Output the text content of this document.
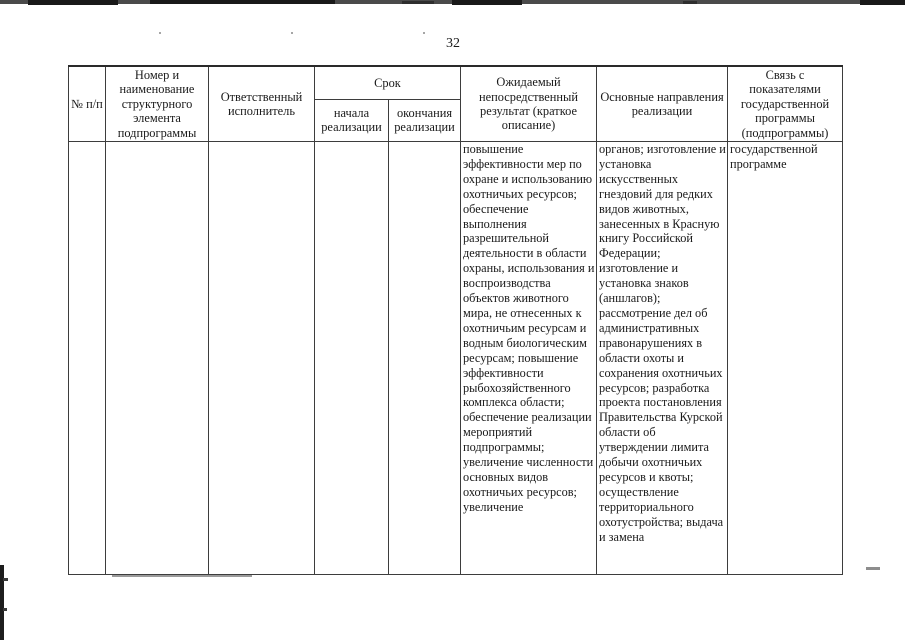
32
№ п/п	Номер и наименование структурного элемента подпрограммы	Ответственный исполнитель	Срок		Ожидаемый непосредственный результат (краткое описание)	Основные направления реализации	Связь с показателями государственной программы (подпрограммы)
			начала реализации	окончания реализации			
					повышение эффективности мер по охране и использованию охотничьих ресурсов; обеспечение выполнения разрешительной деятельности в области охраны, использования и воспроизводства объектов животного мира, не отнесенных к охотничьим ресурсам и водным биологическим ресурсам; повышение эффективности рыбохозяйственного комплекса области; обеспечение реализации мероприятий подпрограммы; увеличение численности основных видов охотничьих ресурсов; увеличение	органов; изготовление и установка искусственных гнездовий для редких видов животных, занесенных в Красную книгу Российской Федерации; изготовление и установка знаков (аншлагов); рассмотрение дел об административных правонарушениях в области охоты и сохранения охотничьих ресурсов; разработка проекта постановления Правительства Курской области об утверждении лимита добычи охотничьих ресурсов и квоты; осуществление территориального охотустройства; выдача и замена	государственной программе
